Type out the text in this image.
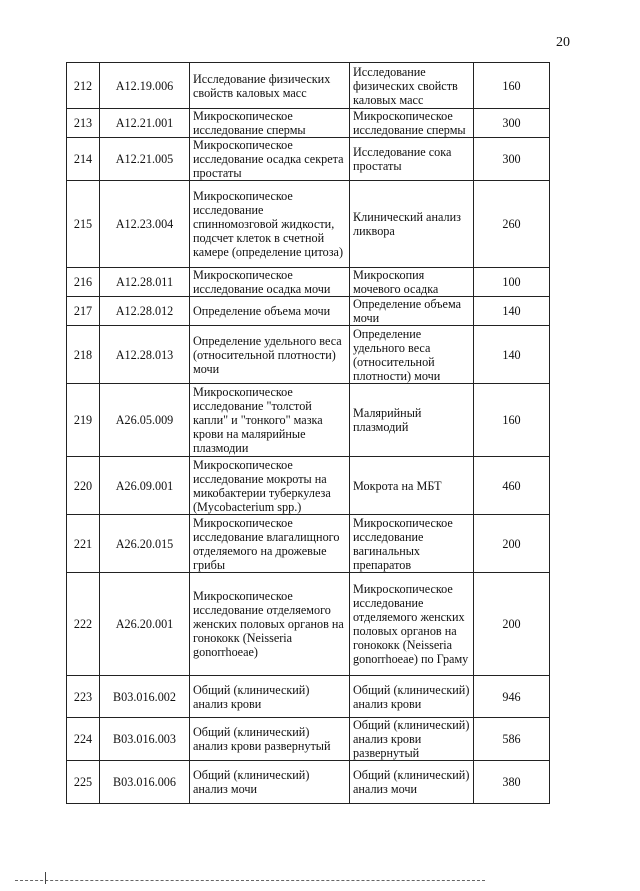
20
212	A12.19.006	Исследование физических свойств каловых масс	Исследование физических свойств каловых масс	160
213	A12.21.001	Микроскопическое исследование спермы	Микроскопическое исследование спермы	300
214	A12.21.005	Микроскопическое исследование осадка секрета простаты	Исследование сока простаты	300
215	A12.23.004	Микроскопическое исследование спинномозговой жидкости, подсчет клеток в счетной камере (определение цитоза)	Клинический анализ ликвора	260
216	A12.28.011	Микроскопическое исследование осадка мочи	Микроскопия мочевого осадка	100
217	A12.28.012	Определение объема мочи	Определение объема мочи	140
218	A12.28.013	Определение удельного веса (относительной плотности) мочи	Определение удельного веса (относительной плотности) мочи	140
219	A26.05.009	Микроскопическое исследование "толстой капли" и "тонкого" мазка крови на малярийные плазмодии	Малярийный плазмодий	160
220	A26.09.001	Микроскопическое исследование мокроты на микобактерии туберкулеза (Mycobacterium spp.)	Мокрота на МБТ	460
221	A26.20.015	Микроскопическое исследование влагалищного отделяемого на дрожевые грибы	Микроскопическое исследование вагинальных препаратов	200
222	A26.20.001	Микроскопическое исследование отделяемого женских половых органов на гонококк (Neisseria gonorrhoeae)	Микроскопическое исследование отделяемого женских половых органов на гонококк (Neisseria gonorrhoeae) по Граму	200
223	B03.016.002	Общий (клинический) анализ крови	Общий (клинический) анализ крови	946
224	B03.016.003	Общий (клинический) анализ крови развернутый	Общий (клинический) анализ крови развернутый	586
225	B03.016.006	Общий (клинический) анализ мочи	Общий (клинический) анализ мочи	380
